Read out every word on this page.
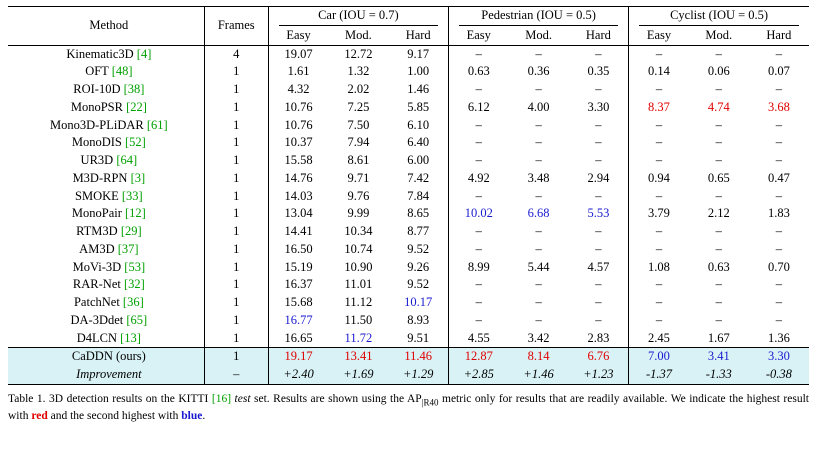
Method	Frames	Car (IOU = 0.7)			Pedestrian (IOU = 0.5)			Cyclist (IOU = 0.5)		

		Easy	Mod.	Hard	Easy	Mod.	Hard	Easy	Mod.	Hard
Kinematic3D [4]	4	19.07	12.72	9.17	–	–	–	–	–	–
OFT [48]	1	1.61	1.32	1.00	0.63	0.36	0.35	0.14	0.06	0.07
ROI-10D [38]	1	4.32	2.02	1.46	–	–	–	–	–	–
MonoPSR [22]	1	10.76	7.25	5.85	6.12	4.00	3.30	8.37	4.74	3.68
Mono3D-PLiDAR [61]	1	10.76	7.50	6.10	–	–	–	–	–	–
MonoDIS [52]	1	10.37	7.94	6.40	–	–	–	–	–	–
UR3D [64]	1	15.58	8.61	6.00	–	–	–	–	–	–
M3D-RPN [3]	1	14.76	9.71	7.42	4.92	3.48	2.94	0.94	0.65	0.47
SMOKE [33]	1	14.03	9.76	7.84	–	–	–	–	–	–
MonoPair [12]	1	13.04	9.99	8.65	10.02	6.68	5.53	3.79	2.12	1.83
RTM3D [29]	1	14.41	10.34	8.77	–	–	–	–	–	–
AM3D [37]	1	16.50	10.74	9.52	–	–	–	–	–	–
MoVi-3D [53]	1	15.19	10.90	9.26	8.99	5.44	4.57	1.08	0.63	0.70
RAR-Net [32]	1	16.37	11.01	9.52	–	–	–	–	–	–
PatchNet [36]	1	15.68	11.12	10.17	–	–	–	–	–	–
DA-3Ddet [65]	1	16.77	11.50	8.93	–	–	–	–	–	–
D4LCN [13]	1	16.65	11.72	9.51	4.55	3.42	2.83	2.45	1.67	1.36
CaDDN (ours)	1	19.17	13.41	11.46	12.87	8.14	6.76	7.00	3.41	3.30
Improvement	–	+2.40	+1.69	+1.29	+2.85	+1.46	+1.23	-1.37	-1.33	-0.38
Table 1. 3D detection results on the KITTI [16] test set. Results are shown using the $AP_{|R40}$ metric only for results that are readily available. We indicate the highest result with red and the second highest with blue.
